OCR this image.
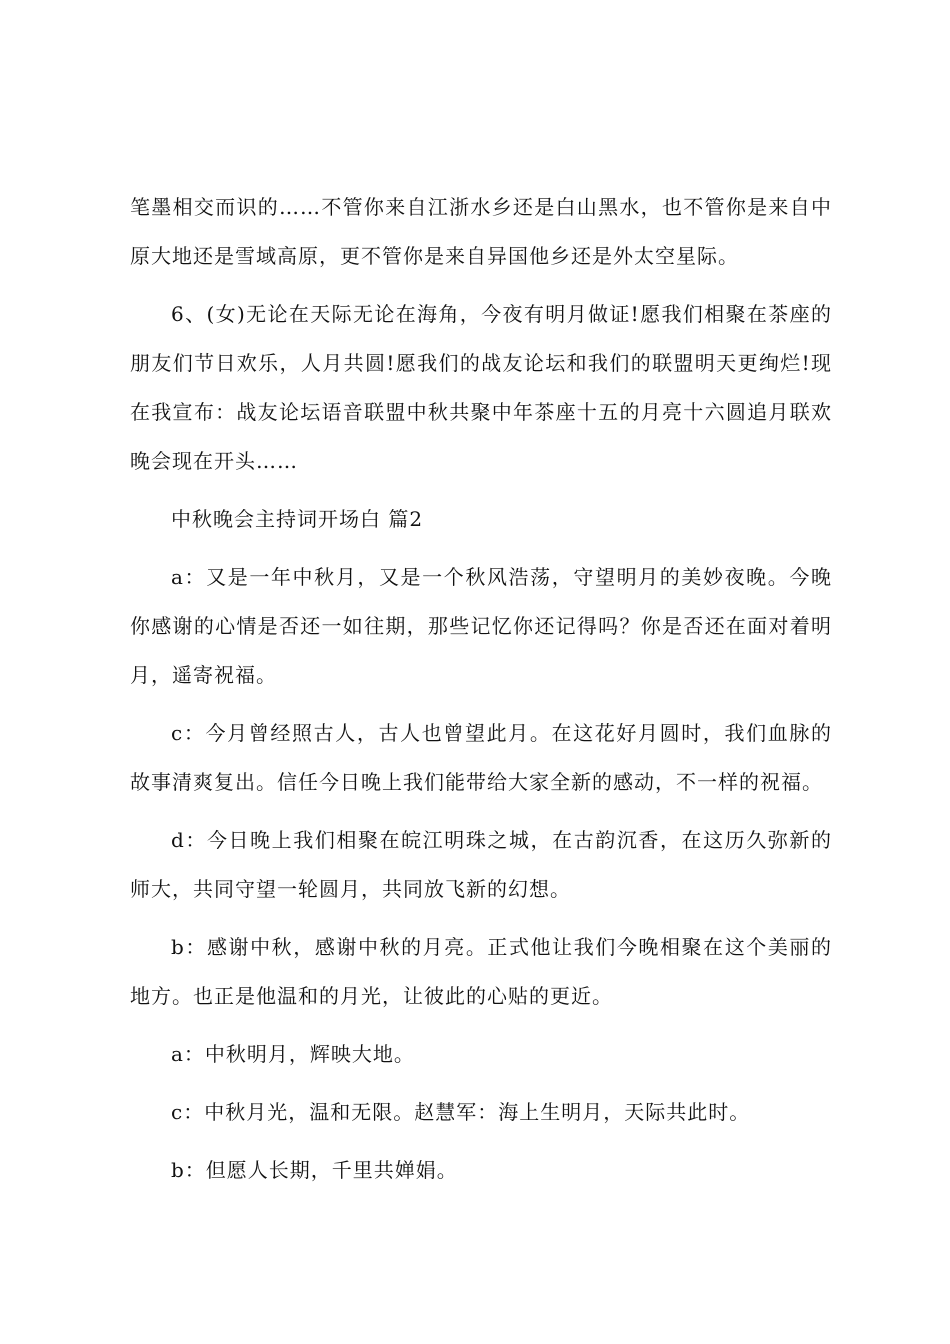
笔墨相交而识的……不管你来自江浙水乡还是白山黑水，也不管你是来自中原大地还是雪域高原，更不管你是来自异国他乡还是外太空星际。

6、(女)无论在天际无论在海角，今夜有明月做证!愿我们相聚在茶座的朋友们节日欢乐，人月共圆!愿我们的战友论坛和我们的联盟明天更绚烂!现在我宣布：战友论坛语音联盟中秋共聚中年茶座十五的月亮十六圆追月联欢晚会现在开头……

中秋晚会主持词开场白 篇2

a：又是一年中秋月，又是一个秋风浩荡，守望明月的美妙夜晚。今晚你感谢的心情是否还一如往期，那些记忆你还记得吗？你是否还在面对着明月，遥寄祝福。

c：今月曾经照古人，古人也曾望此月。在这花好月圆时，我们血脉的故事清爽复出。信任今日晚上我们能带给大家全新的感动，不一样的祝福。

d：今日晚上我们相聚在皖江明珠之城，在古韵沉香，在这历久弥新的师大，共同守望一轮圆月，共同放飞新的幻想。

b：感谢中秋，感谢中秋的月亮。正式他让我们今晚相聚在这个美丽的地方。也正是他温和的月光，让彼此的心贴的更近。

a：中秋明月，辉映大地。

c：中秋月光，温和无限。赵慧军：海上生明月，天际共此时。

b：但愿人长期，千里共婵娟。
